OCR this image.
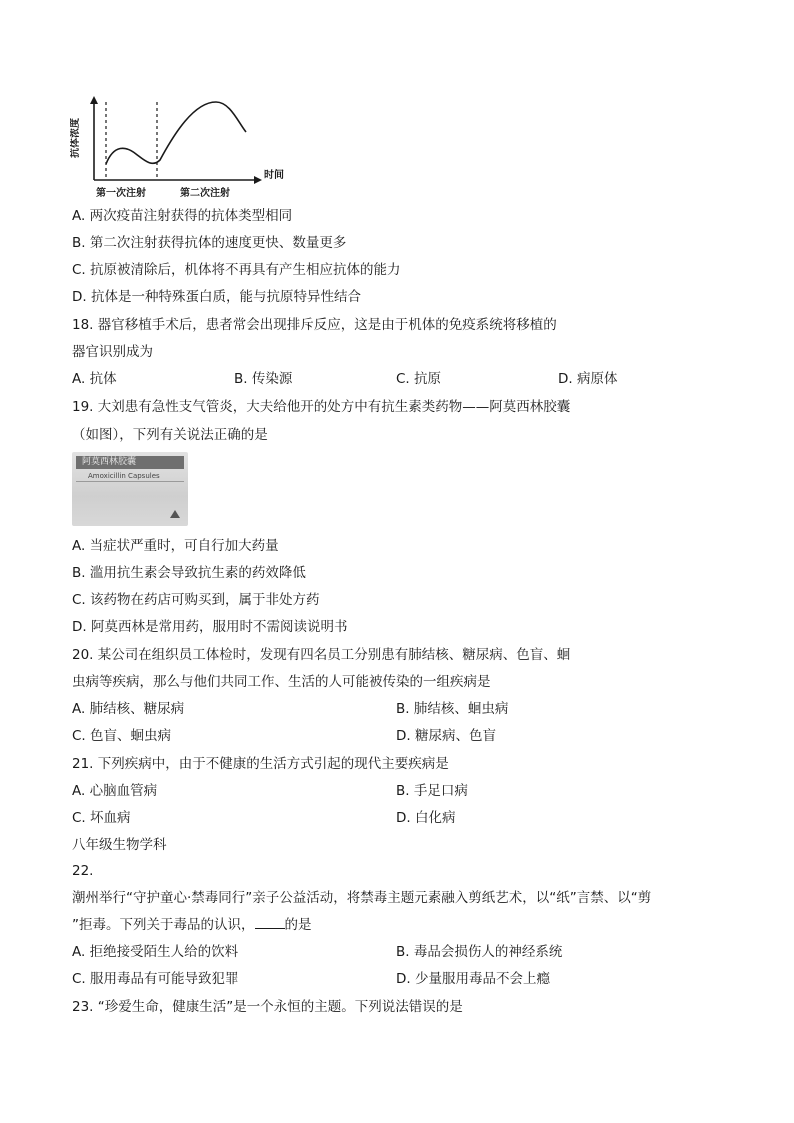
抗体浓度
时间
第一次注射	第二次注射
A. 两次疫苗注射获得的抗体类型相同
B. 第二次注射获得抗体的速度更快、数量更多
C. 抗原被清除后，机体将不再具有产生相应抗体的能力
D. 抗体是一种特殊蛋白质，能与抗原特异性结合
18. 器官移植手术后，患者常会出现排斥反应，这是由于机体的免疫系统将移植的
器官识别成为
A. 抗体	B. 传染源	C. 抗原	D. 病原体
19. 大刘患有急性支气管炎，大夫给他开的处方中有抗生素类药物——阿莫西林胶囊
（如图），下列有关说法正确的是
阿莫西林胶囊
Amoxicillin Capsules
A. 当症状严重时，可自行加大药量
B. 滥用抗生素会导致抗生素的药效降低
C. 该药物在药店可购买到，属于非处方药
D. 阿莫西林是常用药，服用时不需阅读说明书
20. 某公司在组织员工体检时，发现有四名员工分别患有肺结核、糖尿病、色盲、蛔
虫病等疾病，那么与他们共同工作、生活的人可能被传染的一组疾病是
A. 肺结核、糖尿病	B. 肺结核、蛔虫病
C. 色盲、蛔虫病	D. 糖尿病、色盲
21. 下列疾病中，由于不健康的生活方式引起的现代主要疾病是
A. 心脑血管病	B. 手足口病
C. 坏血病	D. 白化病
八年级生物学科
22.
潮州举行“守护童心·禁毒同行”亲子公益活动，将禁毒主题元素融入剪纸艺术，以“纸”言禁、以“剪
”拒毒。下列关于毒品的认识， 的是
A. 拒绝接受陌生人给的饮料	B. 毒品会损伤人的神经系统
C. 服用毒品有可能导致犯罪	D. 少量服用毒品不会上瘾
23. “珍爱生命，健康生活”是一个永恒的主题。下列说法错误的是
